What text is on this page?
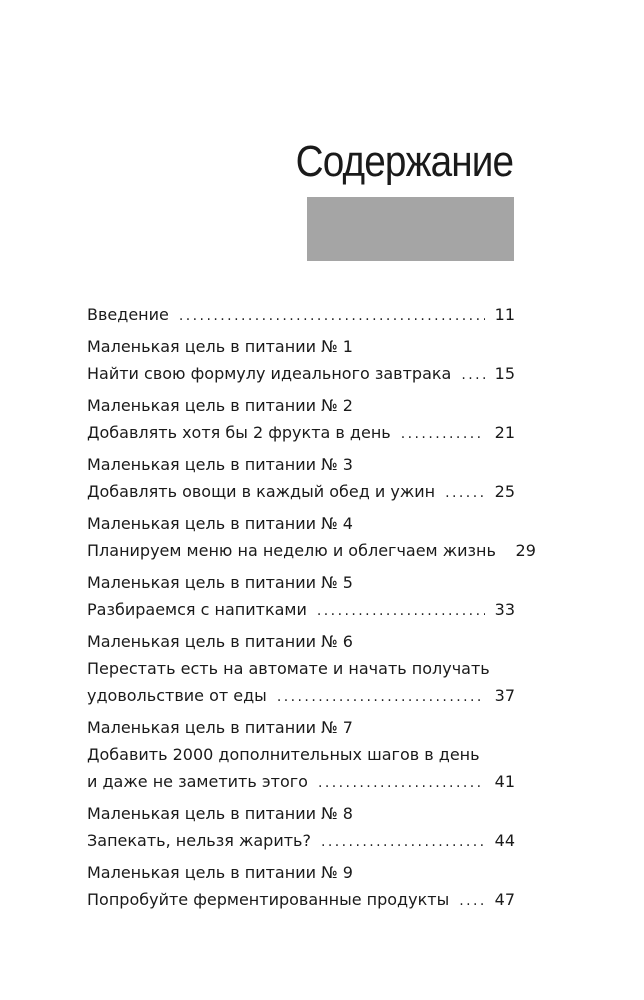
Содержание
Введение . . .	11
Маленькая цель в питании № 1
Найти свою формулу идеального завтрака . . .	15
Маленькая цель в питании № 2
Добавлять хотя бы 2 фрукта в день . . .	21
Маленькая цель в питании № 3
Добавлять овощи в каждый обед и ужин . . .	25
Маленькая цель в питании № 4
Планируем меню на неделю и облегчаем жизнь 29
Маленькая цель в питании № 5
Разбираемся с напитками . . .	33
Маленькая цель в питании № 6
Перестать есть на автомате и начать получать
удовольствие от еды . . .	37
Маленькая цель в питании № 7
Добавить 2000 дополнительных шагов в день
и даже не заметить этого . . .	41
Маленькая цель в питании № 8
Запекать, нельзя жарить? . . .	44
Маленькая цель в питании № 9
Попробуйте ферментированные продукты . . .	47
